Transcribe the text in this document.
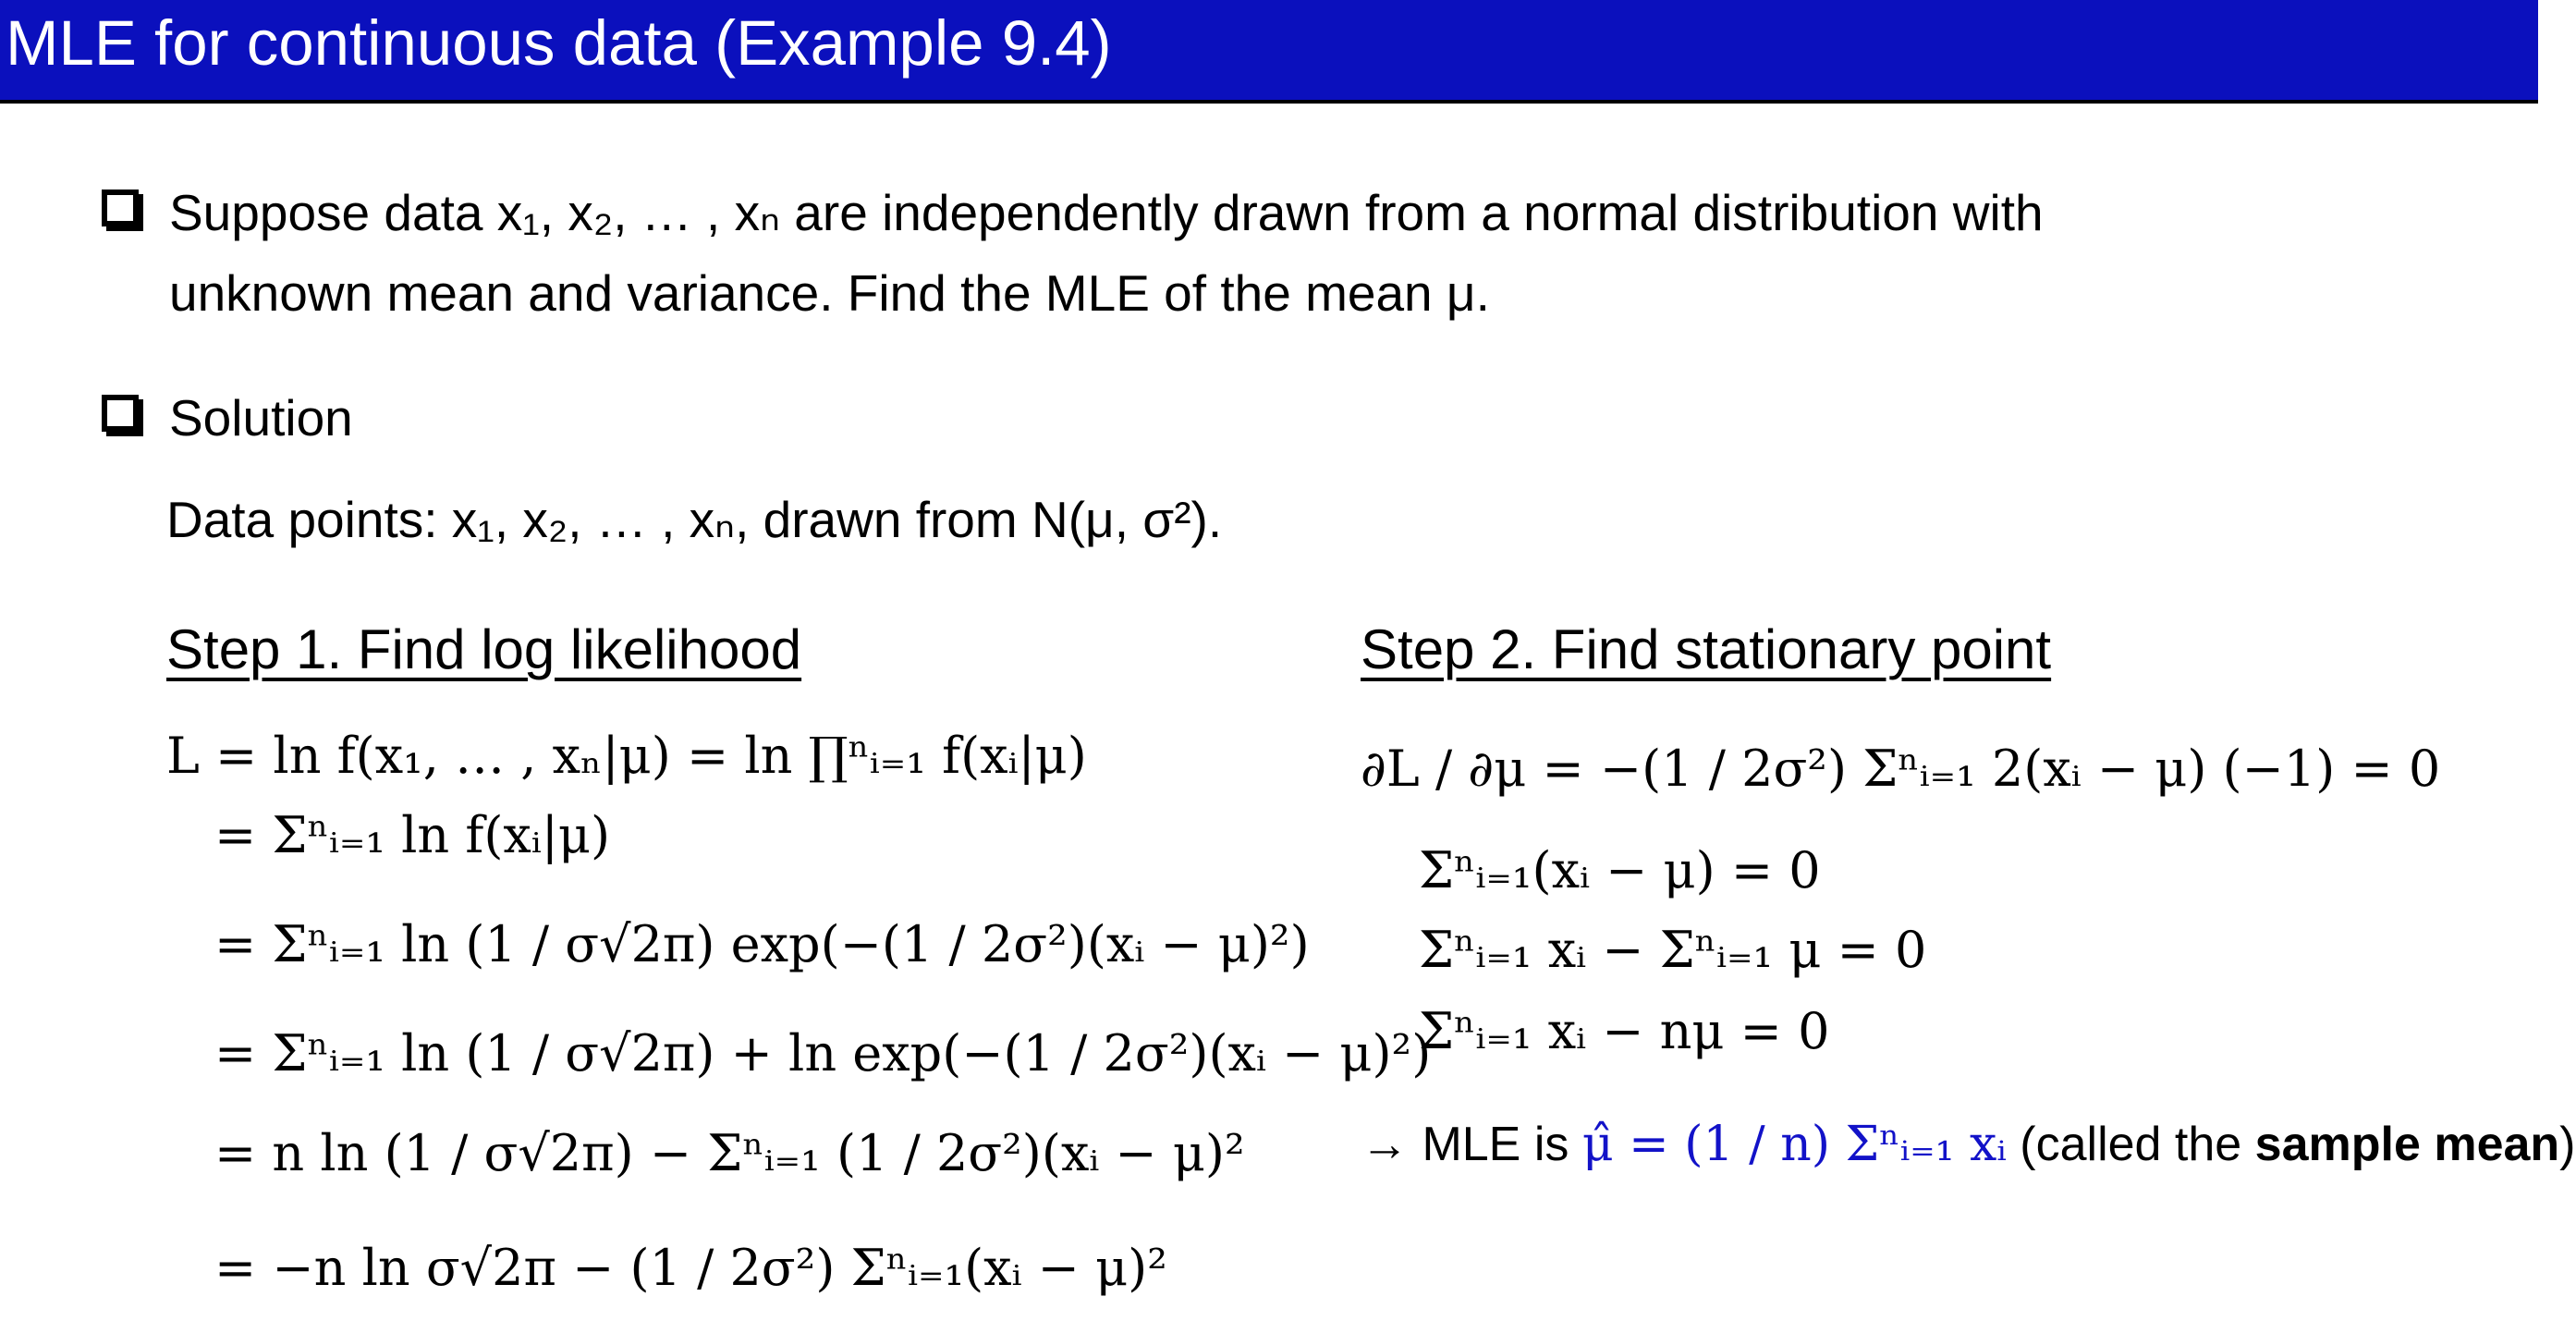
MLE for continuous data (Example 9.4)
Suppose data x₁, x₂, … , xₙ are independently drawn from a normal distribution with
unknown mean and variance. Find the MLE of the mean μ.
Solution
Data points: x₁, x₂, … , xₙ, drawn from N(μ, σ²).
Step 1. Find log likelihood
L = ln f(x₁, … , xₙ|μ) = ln ∏ⁿᵢ₌₁ f(xᵢ|μ)
= Σⁿᵢ₌₁ ln f(xᵢ|μ)
= Σⁿᵢ₌₁ ln (1 ∕ σ√2π) exp(−(1 ∕ 2σ²)(xᵢ − μ)²)
= Σⁿᵢ₌₁ ln (1 ∕ σ√2π) + ln exp(−(1 ∕ 2σ²)(xᵢ − μ)²)
= n ln (1 ∕ σ√2π) − Σⁿᵢ₌₁ (1 ∕ 2σ²)(xᵢ − μ)²
= −n ln σ√2π − (1 ∕ 2σ²) Σⁿᵢ₌₁(xᵢ − μ)²
Step 2. Find stationary point
∂L ∕ ∂μ = −(1 ∕ 2σ²) Σⁿᵢ₌₁ 2(xᵢ − μ) (−1) = 0
Σⁿᵢ₌₁(xᵢ − μ) = 0
Σⁿᵢ₌₁ xᵢ − Σⁿᵢ₌₁ μ = 0
Σⁿᵢ₌₁ xᵢ − nμ = 0
→ MLE is μ̂ = (1 ∕ n) Σⁿᵢ₌₁ xᵢ (called the sample mean)
